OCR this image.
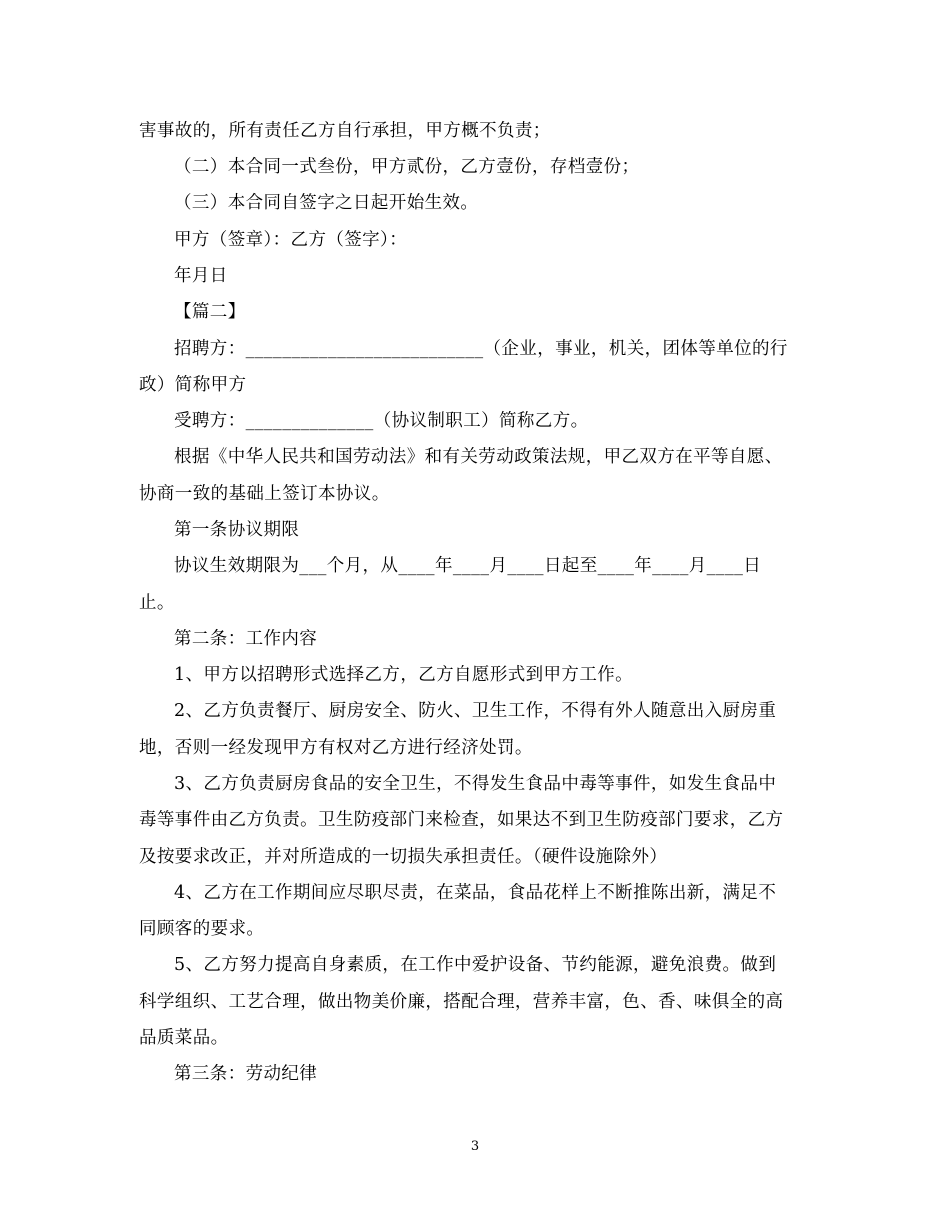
害事故的，所有责任乙方自行承担，甲方概不负责；
（二）本合同一式叁份，甲方贰份，乙方壹份，存档壹份；
（三）本合同自签字之日起开始生效。
甲方（签章）：乙方（签字）：
年月日
【篇二】
招聘方：__________________________（企业，事业，机关，团体等单位的行
政）简称甲方
受聘方：______________（协议制职工）简称乙方。
根据《中华人民共和国劳动法》和有关劳动政策法规，甲乙双方在平等自愿、
协商一致的基础上签订本协议。
第一条协议期限
协议生效期限为___个月，从____年____月____日起至____年____月____日
止。
第二条：工作内容
1、甲方以招聘形式选择乙方，乙方自愿形式到甲方工作。
2、乙方负责餐厅、厨房安全、防火、卫生工作，不得有外人随意出入厨房重
地，否则一经发现甲方有权对乙方进行经济处罚。
3、乙方负责厨房食品的安全卫生，不得发生食品中毒等事件，如发生食品中
毒等事件由乙方负责。卫生防疫部门来检查，如果达不到卫生防疫部门要求，乙方
及按要求改正，并对所造成的一切损失承担责任。（硬件设施除外）
4、乙方在工作期间应尽职尽责，在菜品，食品花样上不断推陈出新，满足不
同顾客的要求。
5、乙方努力提高自身素质，在工作中爱护设备、节约能源，避免浪费。做到
科学组织、工艺合理，做出物美价廉，搭配合理，营养丰富，色、香、味俱全的高
品质菜品。
第三条：劳动纪律
3
